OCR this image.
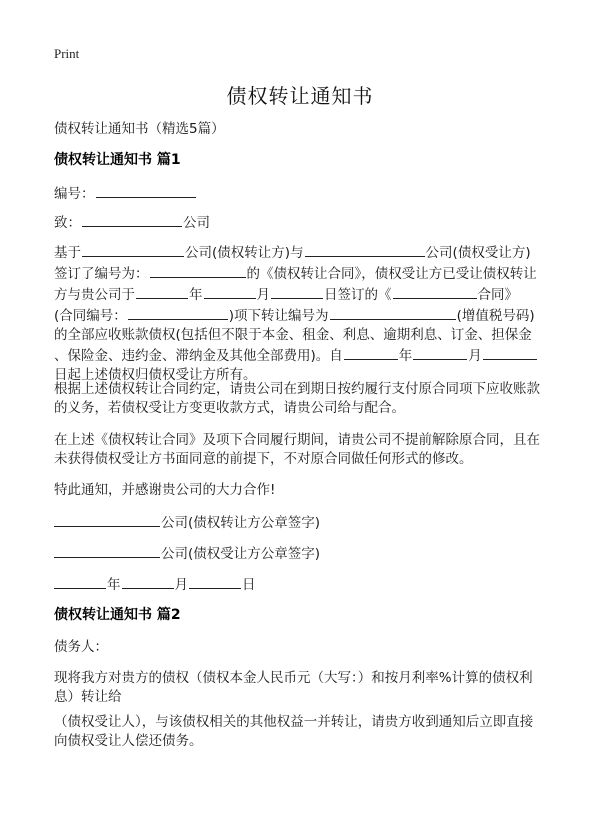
Print
债权转让通知书
债权转让通知书（精选5篇）
债权转让通知书 篇1
编号：
致：	公司
基于	公司(债权转让方)与	公司(债权受让方)
签订了编号为：	的《债权转让合同》，债权受让方已受让债权转让
方与贵公司于	年	月	日签订的《	合同》
(合同编号：	)项下转让编号为	(增值税号码)
的全部应收账款债权(包括但不限于本金、租金、利息、逾期利息、订金、担保金
、保险金、违约金、滞纳金及其他全部费用)。自	年	月
日起上述债权归债权受让方所有。
根据上述债权转让合同约定，请贵公司在到期日按约履行支付原合同项下应收账款
的义务，若债权受让方变更收款方式，请贵公司给与配合。
在上述《债权转让合同》及项下合同履行期间，请贵公司不提前解除原合同，且在
未获得债权受让方书面同意的前提下，不对原合同做任何形式的修改。
特此通知，并感谢贵公司的大力合作!
公司(债权转让方公章签字)
公司(债权受让方公章签字)
年	月	日
债权转让通知书 篇2
债务人：
现将我方对贵方的债权（债权本金人民币元（大写：）和按月利率%计算的债权利
息）转让给
（债权受让人），与该债权相关的其他权益一并转让，请贵方收到通知后立即直接
向债权受让人偿还债务。
